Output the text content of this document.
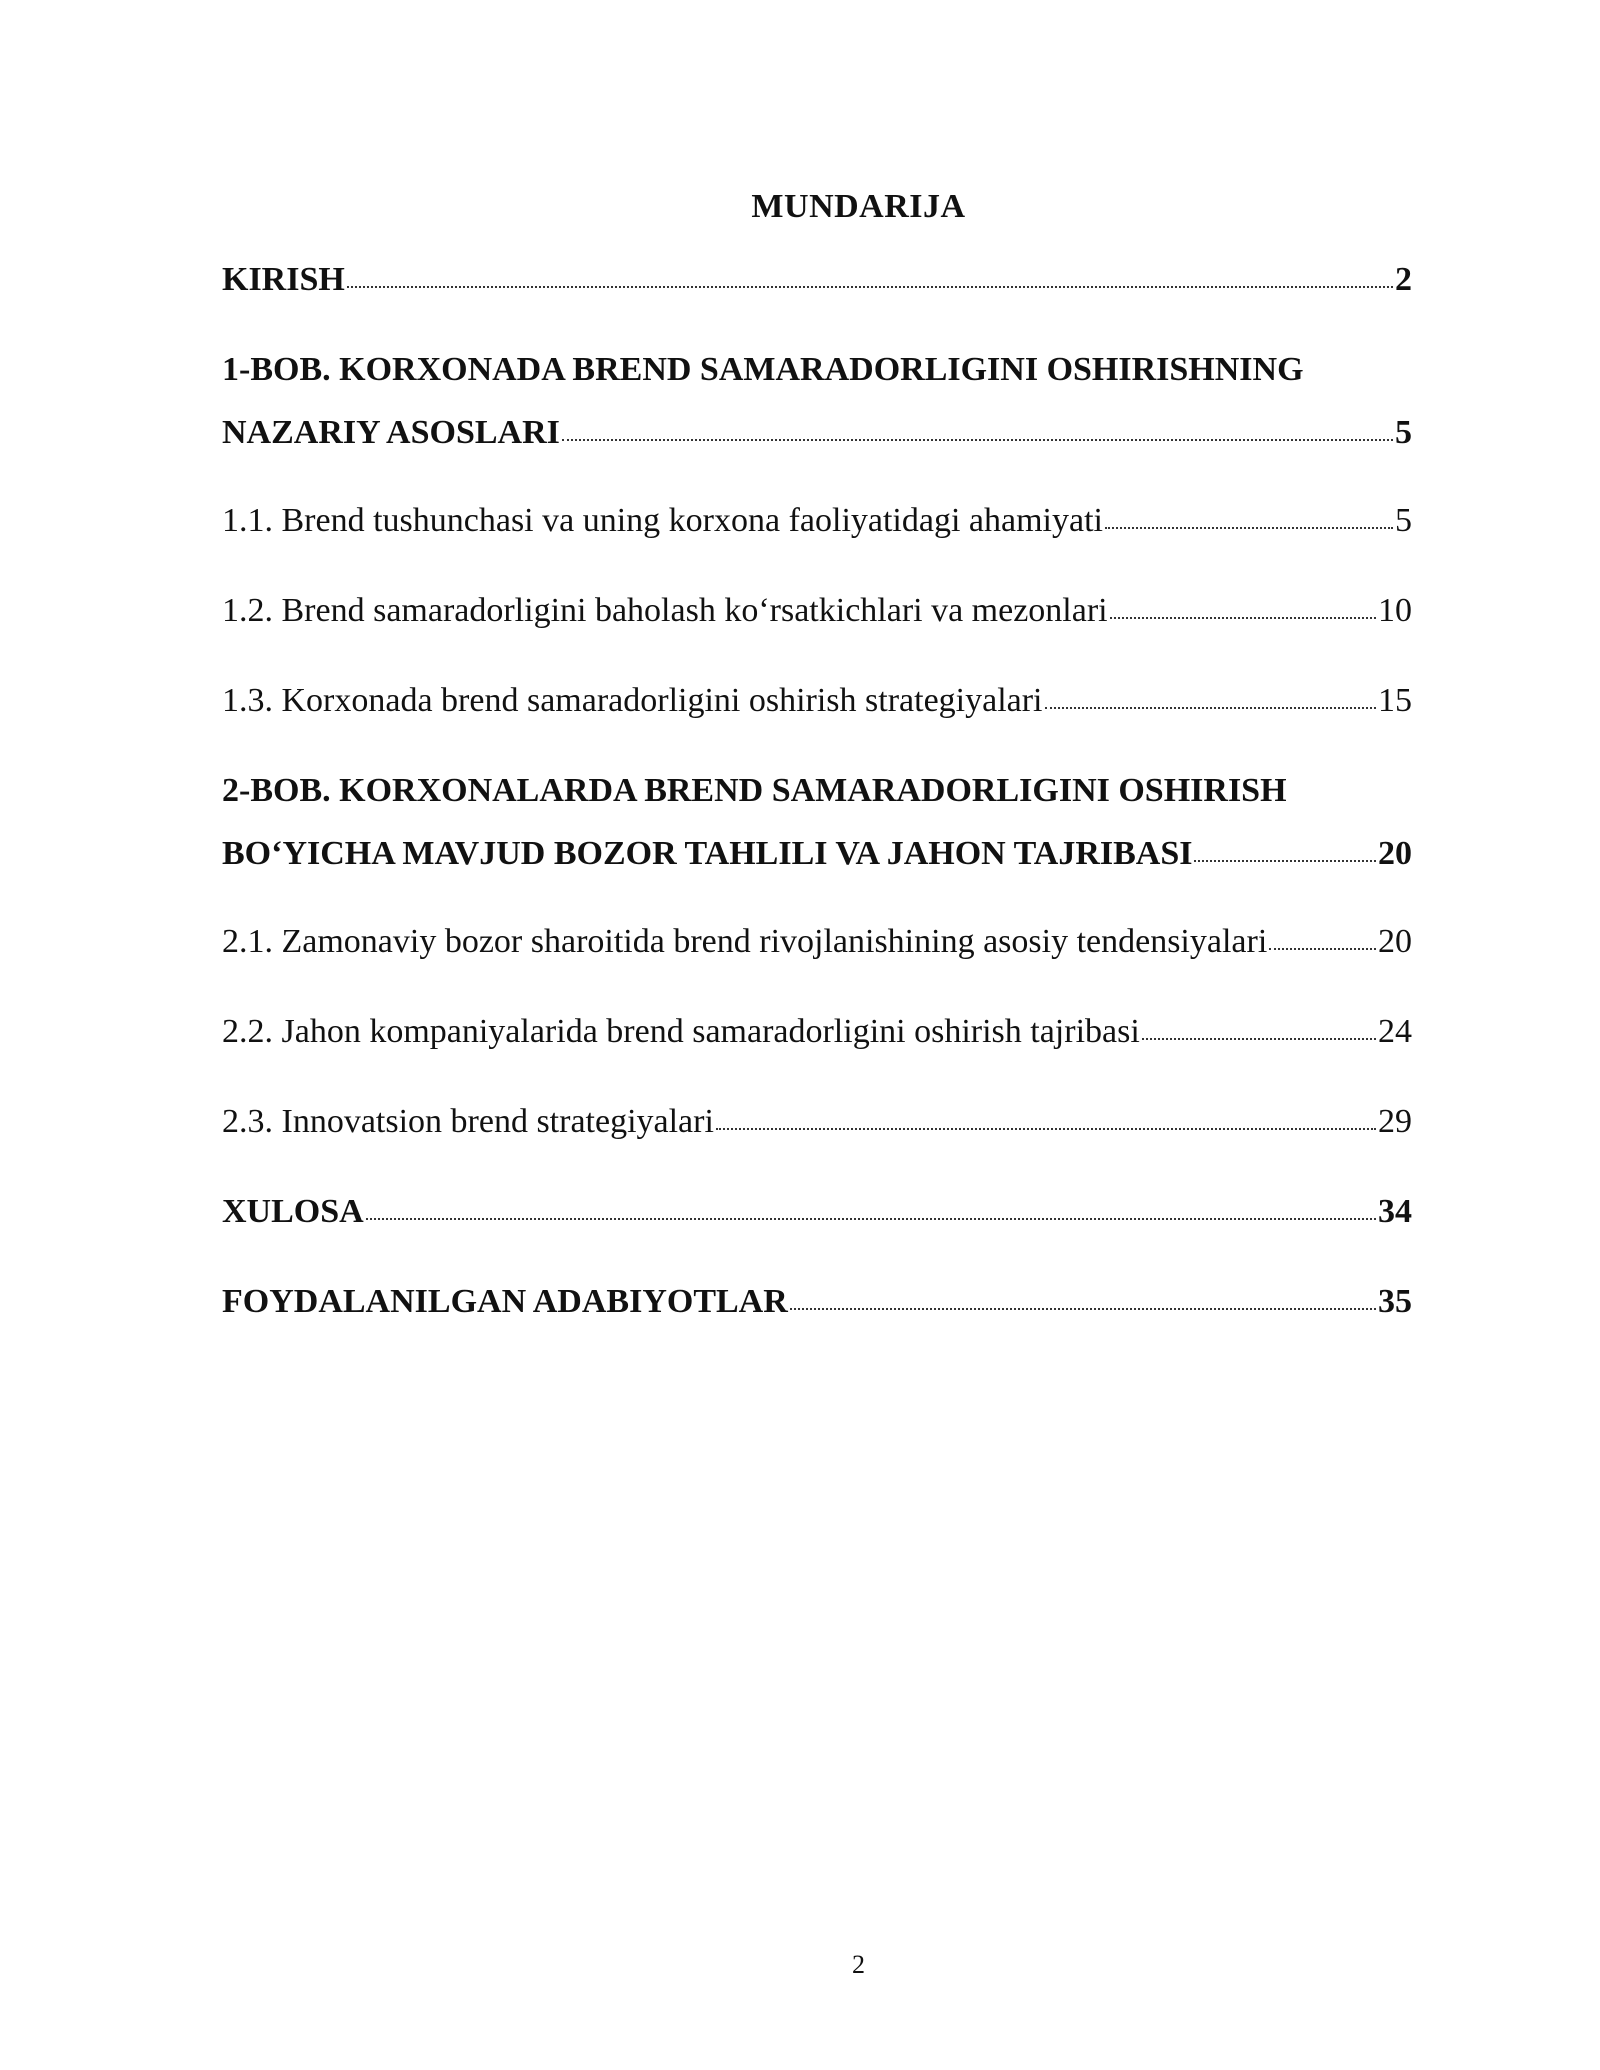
MUNDARIJA
KIRISH	2
1-BOB. KORXONADA BREND SAMARADORLIGINI OSHIRISHNING
NAZARIY ASOSLARI	5
1.1. Brend tushunchasi va uning korxona faoliyatidagi ahamiyati	5
1.2. Brend samaradorligini baholash ko‘rsatkichlari va mezonlari	10
1.3. Korxonada brend samaradorligini oshirish strategiyalari	15
2-BOB. KORXONALARDA BREND SAMARADORLIGINI OSHIRISH
BO‘YICHA MAVJUD BOZOR TAHLILI VA JAHON TAJRIBASI	20
2.1. Zamonaviy bozor sharoitida brend rivojlanishining asosiy tendensiyalari	20
2.2. Jahon kompaniyalarida brend samaradorligini oshirish tajribasi	24
2.3. Innovatsion brend strategiyalari	29
XULOSA	34
FOYDALANILGAN ADABIYOTLAR	35
2
